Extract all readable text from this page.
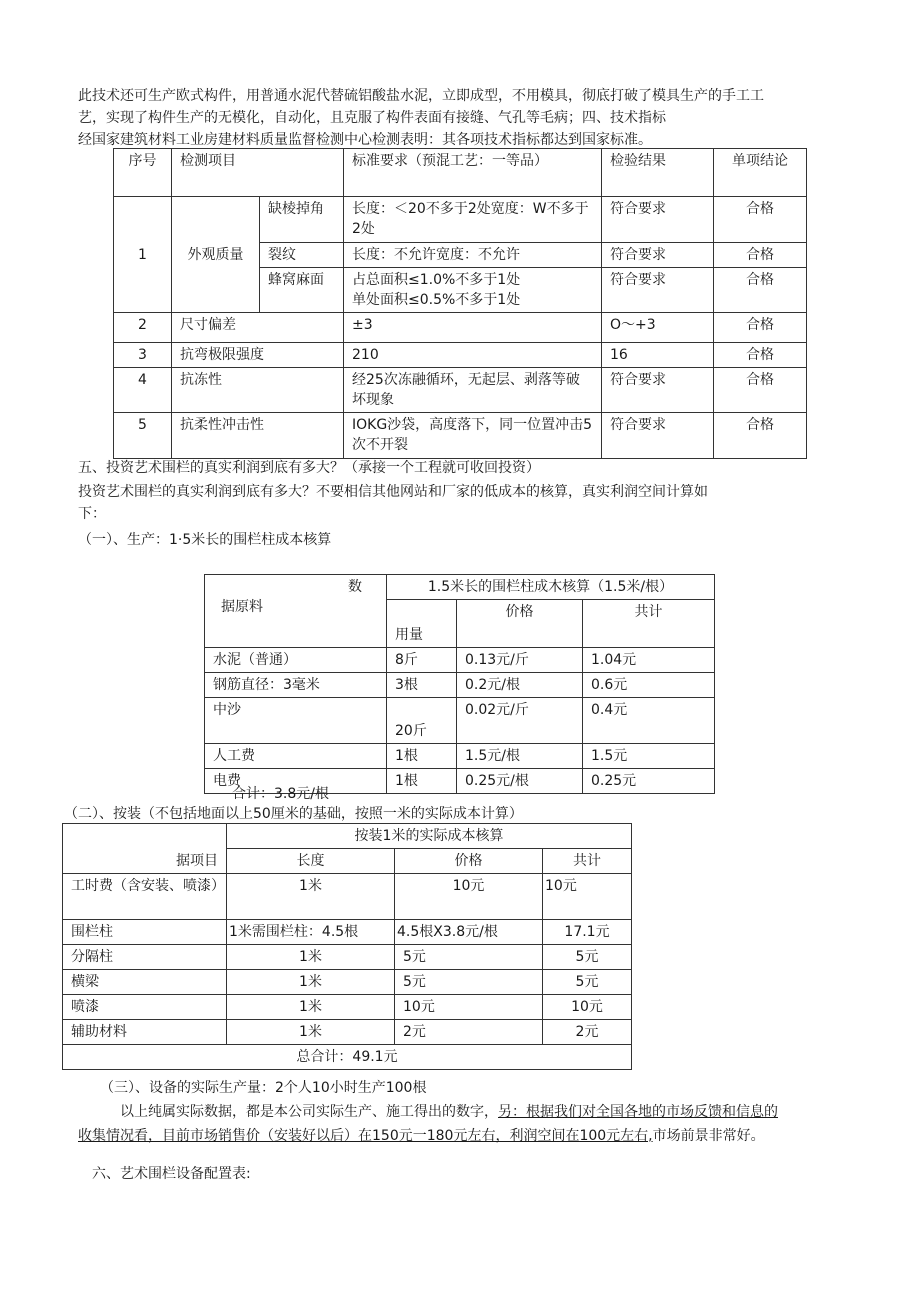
此技术还可生产欧式构件，用普通水泥代替硫铝酸盐水泥，立即成型，不用模具，彻底打破了模具生产的手工工
艺，实现了构件生产的无模化，自动化，且克服了构件表面有接缝、气孔等毛病；四、技术指标
经国家建筑材料工业房建材料质量监督检测中心检测表明：其各项技术指标都达到国家标准。
序号	检测项目		标准要求（预混工艺：一等品）	检验结果	单项结论
1	外观质量	缺棱掉角	长度：＜20不多于2处宽度：W不多于2处	符合要求	合格
		裂纹	长度：不允许宽度：不允许	符合要求	合格
		蜂窝麻面	占总面积≤1.0%不多于1处
单处面积≤0.5%不多于1处	符合要求	合格
2	尺寸偏差		±3	O～+3	合格
3	抗弯极限强度		210	16	合格
4	抗冻性		经25次冻融循环，无起层、剥落等破坏现象	符合要求	合格
5	抗柔性冲击性		IOKG沙袋，高度落下，同一位置冲击5次不开裂	符合要求	合格
五、投资艺术围栏的真实利润到底有多大？（承接一个工程就可收回投资）
投资艺术围栏的真实利润到底有多大？不要相信其他网站和厂家的低成本的核算，真实利润空间计算如
下：
（一）、生产：1·5米长的围栏柱成本核算
数
据原料	1.5米长的围栏柱成木核算（1.5米/根）		
	用量	价格	共计
水泥（普通）	8斤	0.13元/斤	1.04元
钢筋直径：3毫米	3根	0.2元/根	0.6元
中沙	20斤	0.02元/斤	0.4元
人工费	1根	1.5元/根	1.5元
电费	1根	0.25元/根	0.25元
合计：3.8元/根
（二）、按装（不包括地面以上50厘米的基础，按照一米的实际成本计算）
据项目	按装1米的实际成本核算		
	长度	价格	共计
工时费（含安装、喷漆）	1米	10元	10元
围栏柱	1米需围栏柱：4.5根	4.5根X3.8元/根	17.1元
分隔柱	1米	5元	5元
横梁	1米	5元	5元
喷漆	1米	10元	10元
辅助材料	1米	2元	2元
总合计：49.1元			
（三）、设备的实际生产量：2个人10小时生产100根
以上纯属实际数据，都是本公司实际生产、施工得出的数字，另：根据我们对全国各地的市场反馈和信息的
收集情况看，目前市场销售价（安装好以后）在150元一180元左右，利润空间在100元左右,市场前景非常好。
六、艺术围栏设备配置表:
